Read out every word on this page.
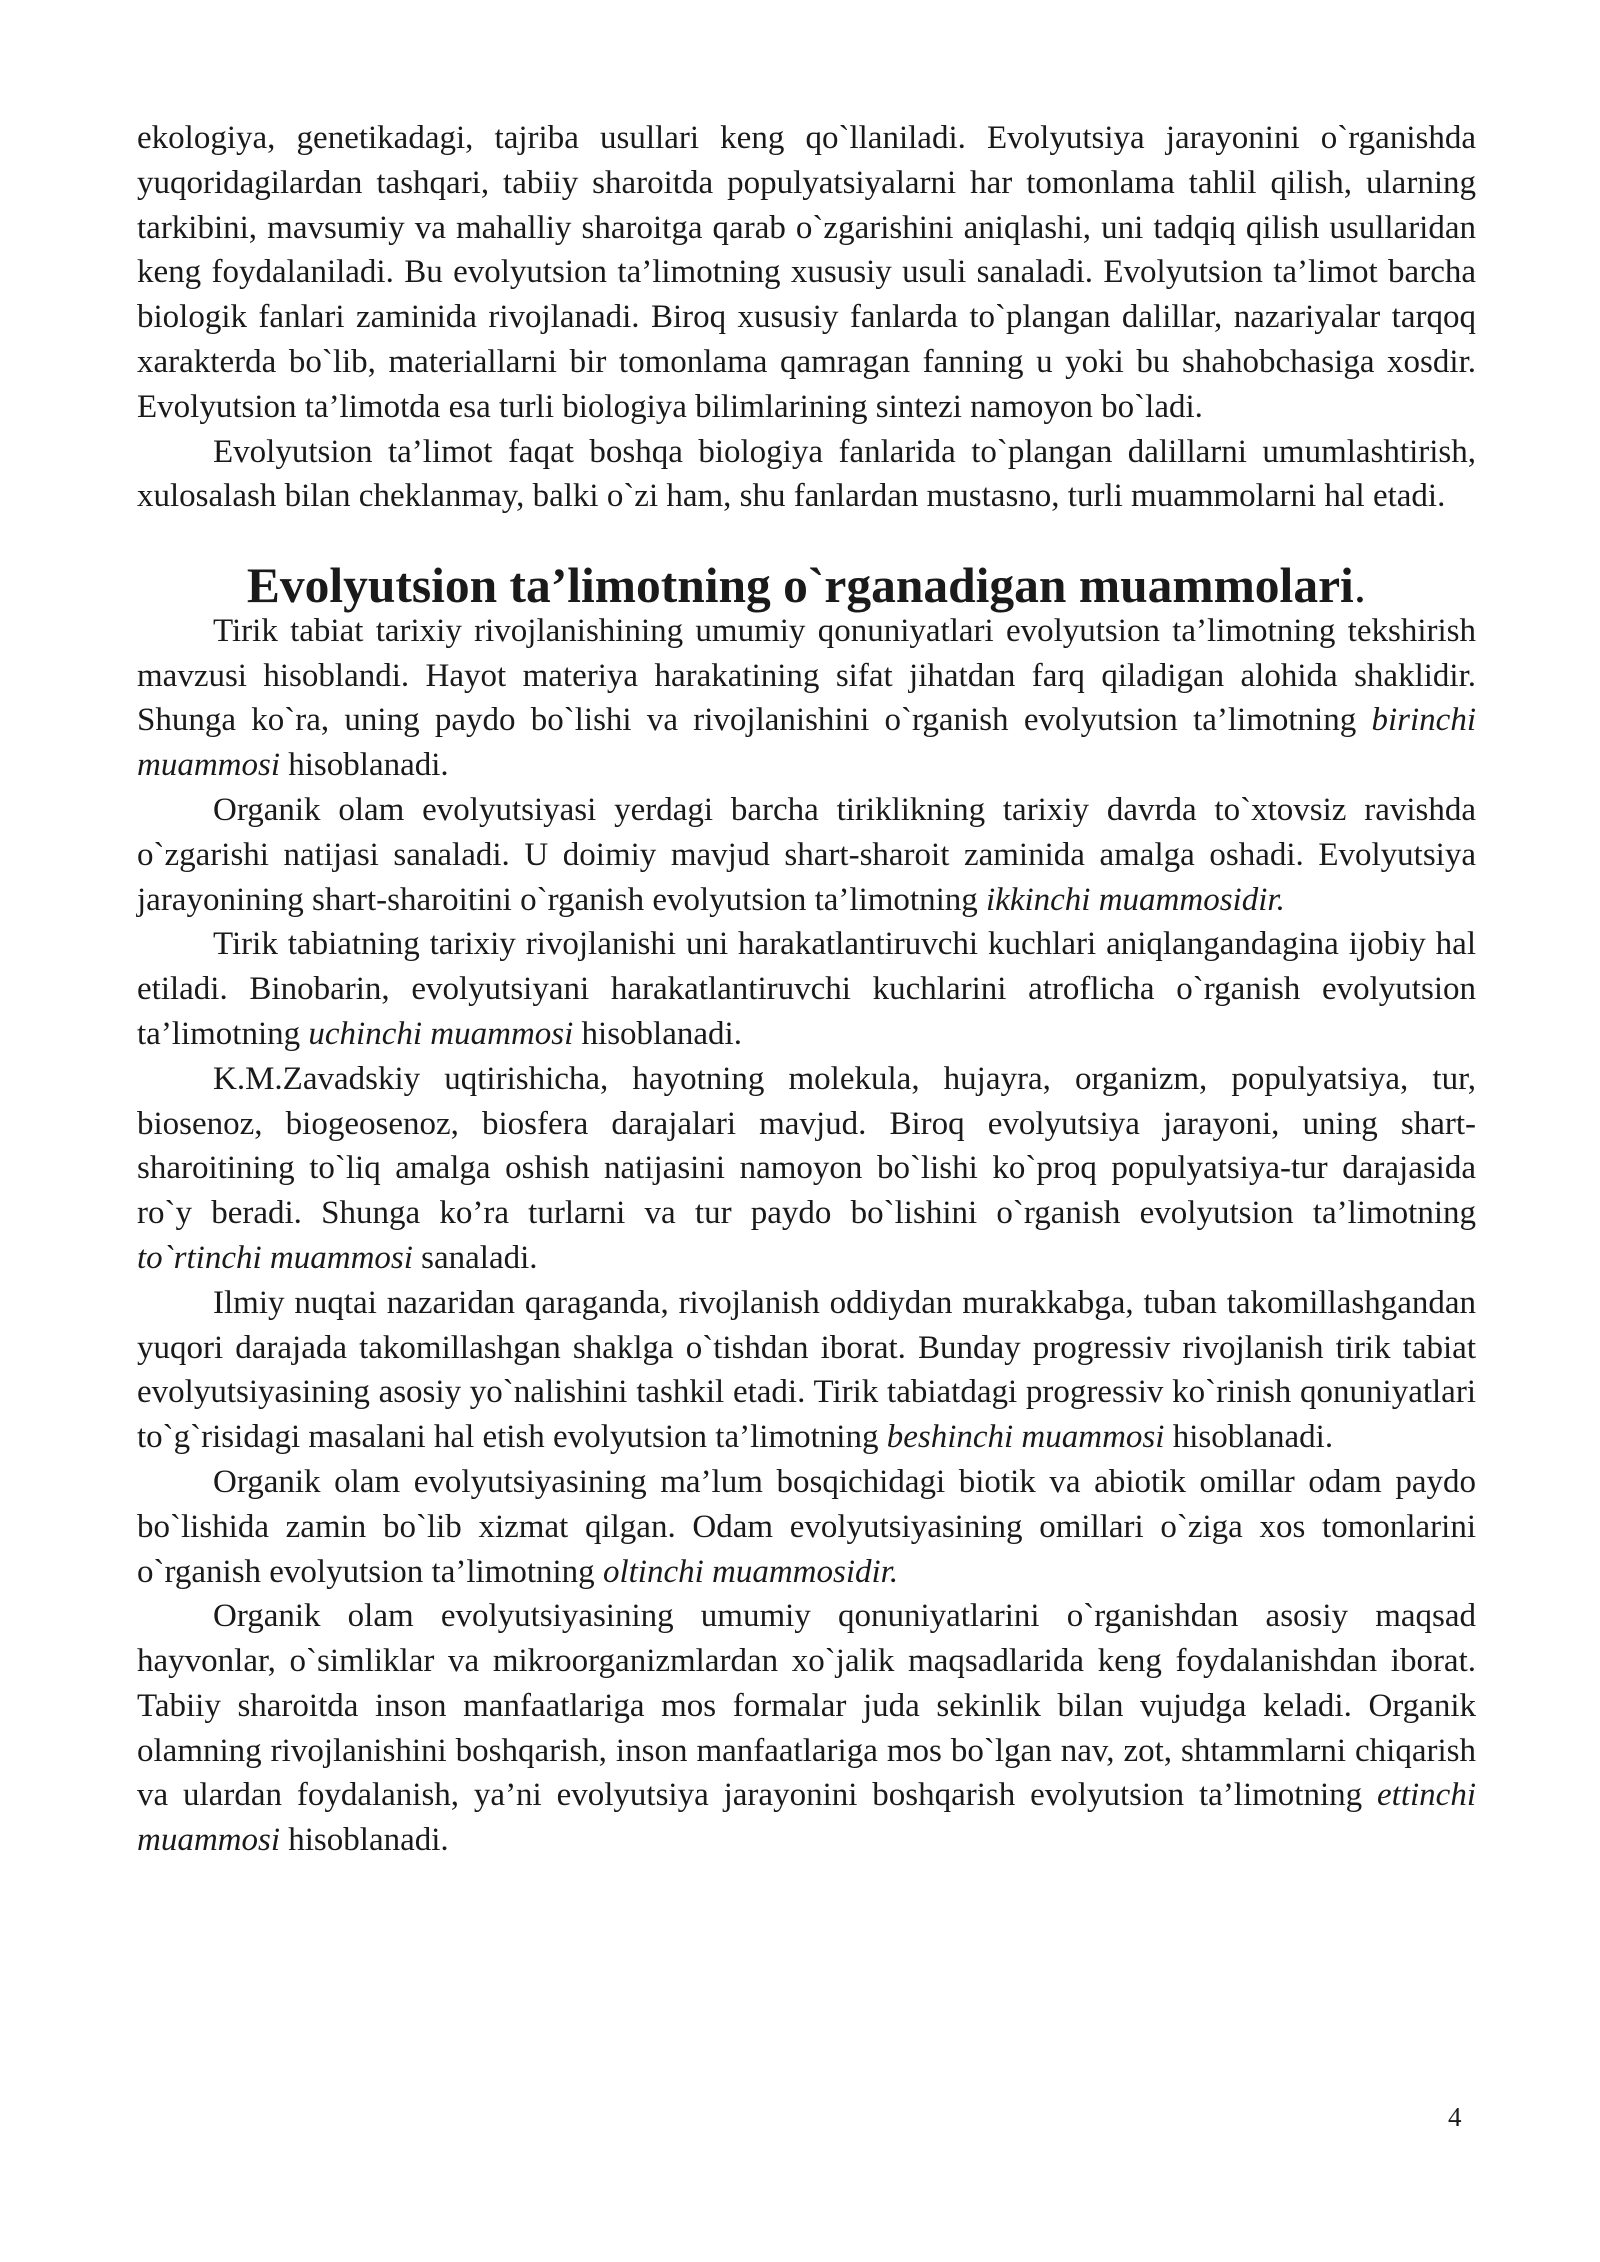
ekologiya, genetikadagi, tajriba usullari keng qo`llaniladi. Evolyutsiya jarayonini o`rganishda yuqoridagilardan tashqari, tabiiy sharoitda populyatsiyalarni har tomonlama tahlil qilish, ularning tarkibini, mavsumiy va mahalliy sharoitga qarab o`zgarishini aniqlashi, uni tadqiq qilish usullaridan keng foydalaniladi. Bu evolyutsion ta’limotning xususiy usuli sanaladi. Evolyutsion ta’limot barcha biologik fanlari zaminida rivojlanadi. Biroq xususiy fanlarda to`plangan dalillar, nazariyalar tarqoq xarakterda bo`lib, materiallarni bir tomonlama qamragan fanning u yoki bu shahobchasiga xosdir. Evolyutsion ta’limotda esa turli biologiya bilimlarining sintezi namoyon bo`ladi.

Evolyutsion ta’limot faqat boshqa biologiya fanlarida to`plangan dalillarni umumlashtirish, xulosalash bilan cheklanmay, balki o`zi ham, shu fanlardan mustasno, turli muammolarni hal etadi.

Evolyutsion ta’limotning o`rganadigan muammolari.

Tirik tabiat tarixiy rivojlanishining umumiy qonuniyatlari evolyutsion ta’limotning tekshirish mavzusi hisoblandi. Hayot materiya harakatining sifat jihatdan farq qiladigan alohida shaklidir. Shunga ko`ra, uning paydo bo`lishi va rivojlanishini o`rganish evolyutsion ta’limotning birinchi muammosi hisoblanadi.

Organik olam evolyutsiyasi yerdagi barcha tiriklikning tarixiy davrda to`xtovsiz ravishda o`zgarishi natijasi sanaladi. U doimiy mavjud shart-sharoit zaminida amalga oshadi. Evolyutsiya jarayonining shart-sharoitini o`rganish evolyutsion ta’limotning ikkinchi muammosidir.

Tirik tabiatning tarixiy rivojlanishi uni harakatlantiruvchi kuchlari aniqlangandagina ijobiy hal etiladi. Binobarin, evolyutsiyani harakatlantiruvchi kuchlarini atroflicha o`rganish evolyutsion ta’limotning uchinchi muammosi hisoblanadi.

K.M.Zavadskiy uqtirishicha, hayotning molekula, hujayra, organizm, populyatsiya, tur, biosenoz, biogeosenoz, biosfera darajalari mavjud. Biroq evolyutsiya jarayoni, uning shart-sharoitining to`liq amalga oshish natijasini namoyon bo`lishi ko`proq populyatsiya-tur darajasida ro`y beradi. Shunga ko’ra turlarni va tur paydo bo`lishini o`rganish evolyutsion ta’limotning to`rtinchi muammosi sanaladi.

Ilmiy nuqtai nazaridan qaraganda, rivojlanish oddiydan murakkabga, tuban takomillashgandan yuqori darajada takomillashgan shaklga o`tishdan iborat. Bunday progressiv rivojlanish tirik tabiat evolyutsiyasining asosiy yo`nalishini tashkil etadi. Tirik tabiatdagi progressiv ko`rinish qonuniyatlari to`g`risidagi masalani hal etish evolyutsion ta’limotning beshinchi muammosi hisoblanadi.

Organik olam evolyutsiyasining ma’lum bosqichidagi biotik va abiotik omillar odam paydo bo`lishida zamin bo`lib xizmat qilgan. Odam evolyutsiyasining omillari o`ziga xos tomonlarini o`rganish evolyutsion ta’limotning oltinchi muammosidir.

Organik olam evolyutsiyasining umumiy qonuniyatlarini o`rganishdan asosiy maqsad hayvonlar, o`simliklar va mikroorganizmlardan xo`jalik maqsadlarida keng foydalanishdan iborat. Tabiiy sharoitda inson manfaatlariga mos formalar juda sekinlik bilan vujudga keladi. Organik olamning rivojlanishini boshqarish, inson manfaatlariga mos bo`lgan nav, zot, shtammlarni chiqarish va ulardan foydalanish, ya’ni evolyutsiya jarayonini boshqarish evolyutsion ta’limotning ettinchi muammosi hisoblanadi.

4
